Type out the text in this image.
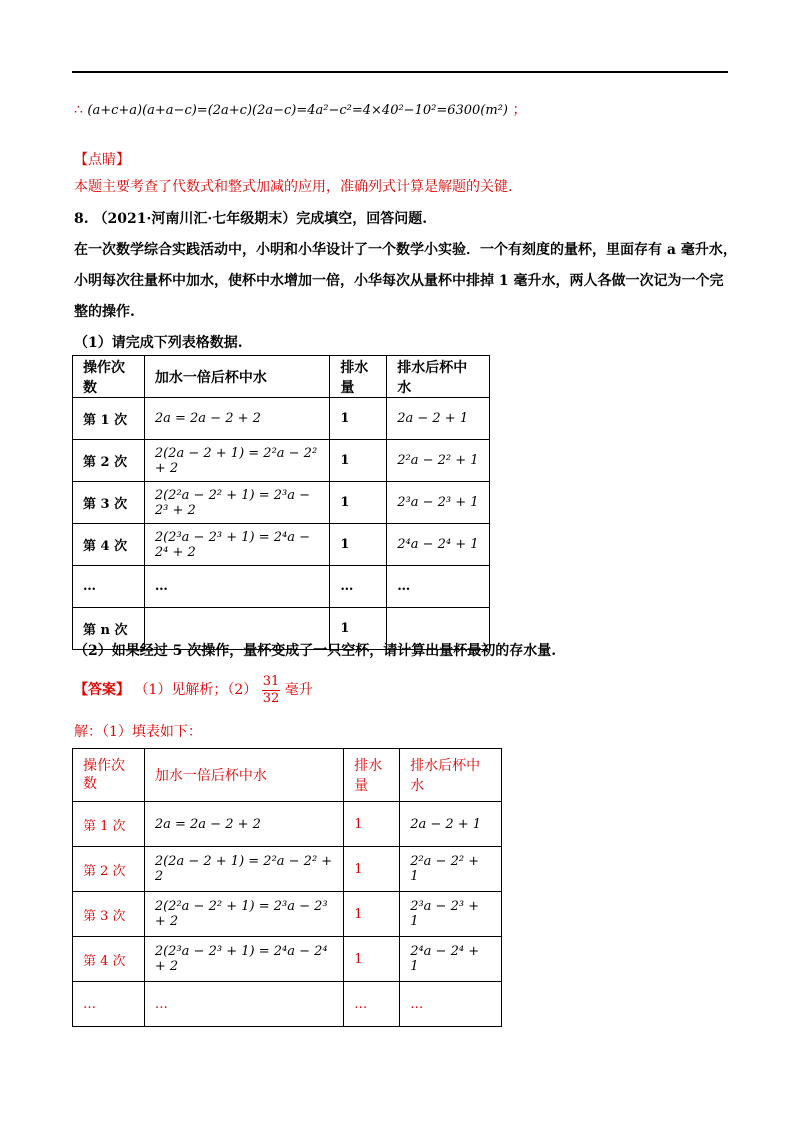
∴ (a+c+a)(a+a−c)=(2a+c)(2a−c)=4a²−c²=4×40²−10²=6300(m²) ；
【点睛】
本题主要考查了代数式和整式加减的应用，准确列式计算是解题的关键.
8. （2021·河南川汇·七年级期末）完成填空，回答问题.
在一次数学综合实践活动中，小明和小华设计了一个数学小实验．一个有刻度的量杯，里面存有 a 毫升水，
小明每次往量杯中加水，使杯中水增加一倍，小华每次从量杯中排掉 1 毫升水，两人各做一次记为一个完
整的操作.
（1）请完成下列表格数据.
操作次数	加水一倍后杯中水	排水量	排水后杯中水
第 1 次	2a = 2a − 2 + 2	1	2a − 2 + 1
第 2 次	2(2a − 2 + 1) = 2²a − 2² + 2	1	2²a − 2² + 1
第 3 次	2(2²a − 2² + 1) = 2³a − 2³ + 2	1	2³a − 2³ + 1
第 4 次	2(2³a − 2³ + 1) = 2⁴a − 2⁴ + 2	1	2⁴a − 2⁴ + 1
…	…	…	…
第 n 次		1	
（2）如果经过 5 次操作，量杯变成了一只空杯，请计算出量杯最初的存水量.
【答案】 （1）见解析；$(2) \frac{31}{32}$ 毫升
解：（1）填表如下：
操作次数	加水一倍后杯中水	排水量	排水后杯中水
第 1 次	2a = 2a − 2 + 2	1	2a − 2 + 1
第 2 次	2(2a − 2 + 1) = 2²a − 2² + 2	1	2²a − 2² + 1
第 3 次	2(2²a − 2² + 1) = 2³a − 2³ + 2	1	2³a − 2³ + 1
第 4 次	2(2³a − 2³ + 1) = 2⁴a − 2⁴ + 2	1	2⁴a − 2⁴ + 1
…	…	…	…
